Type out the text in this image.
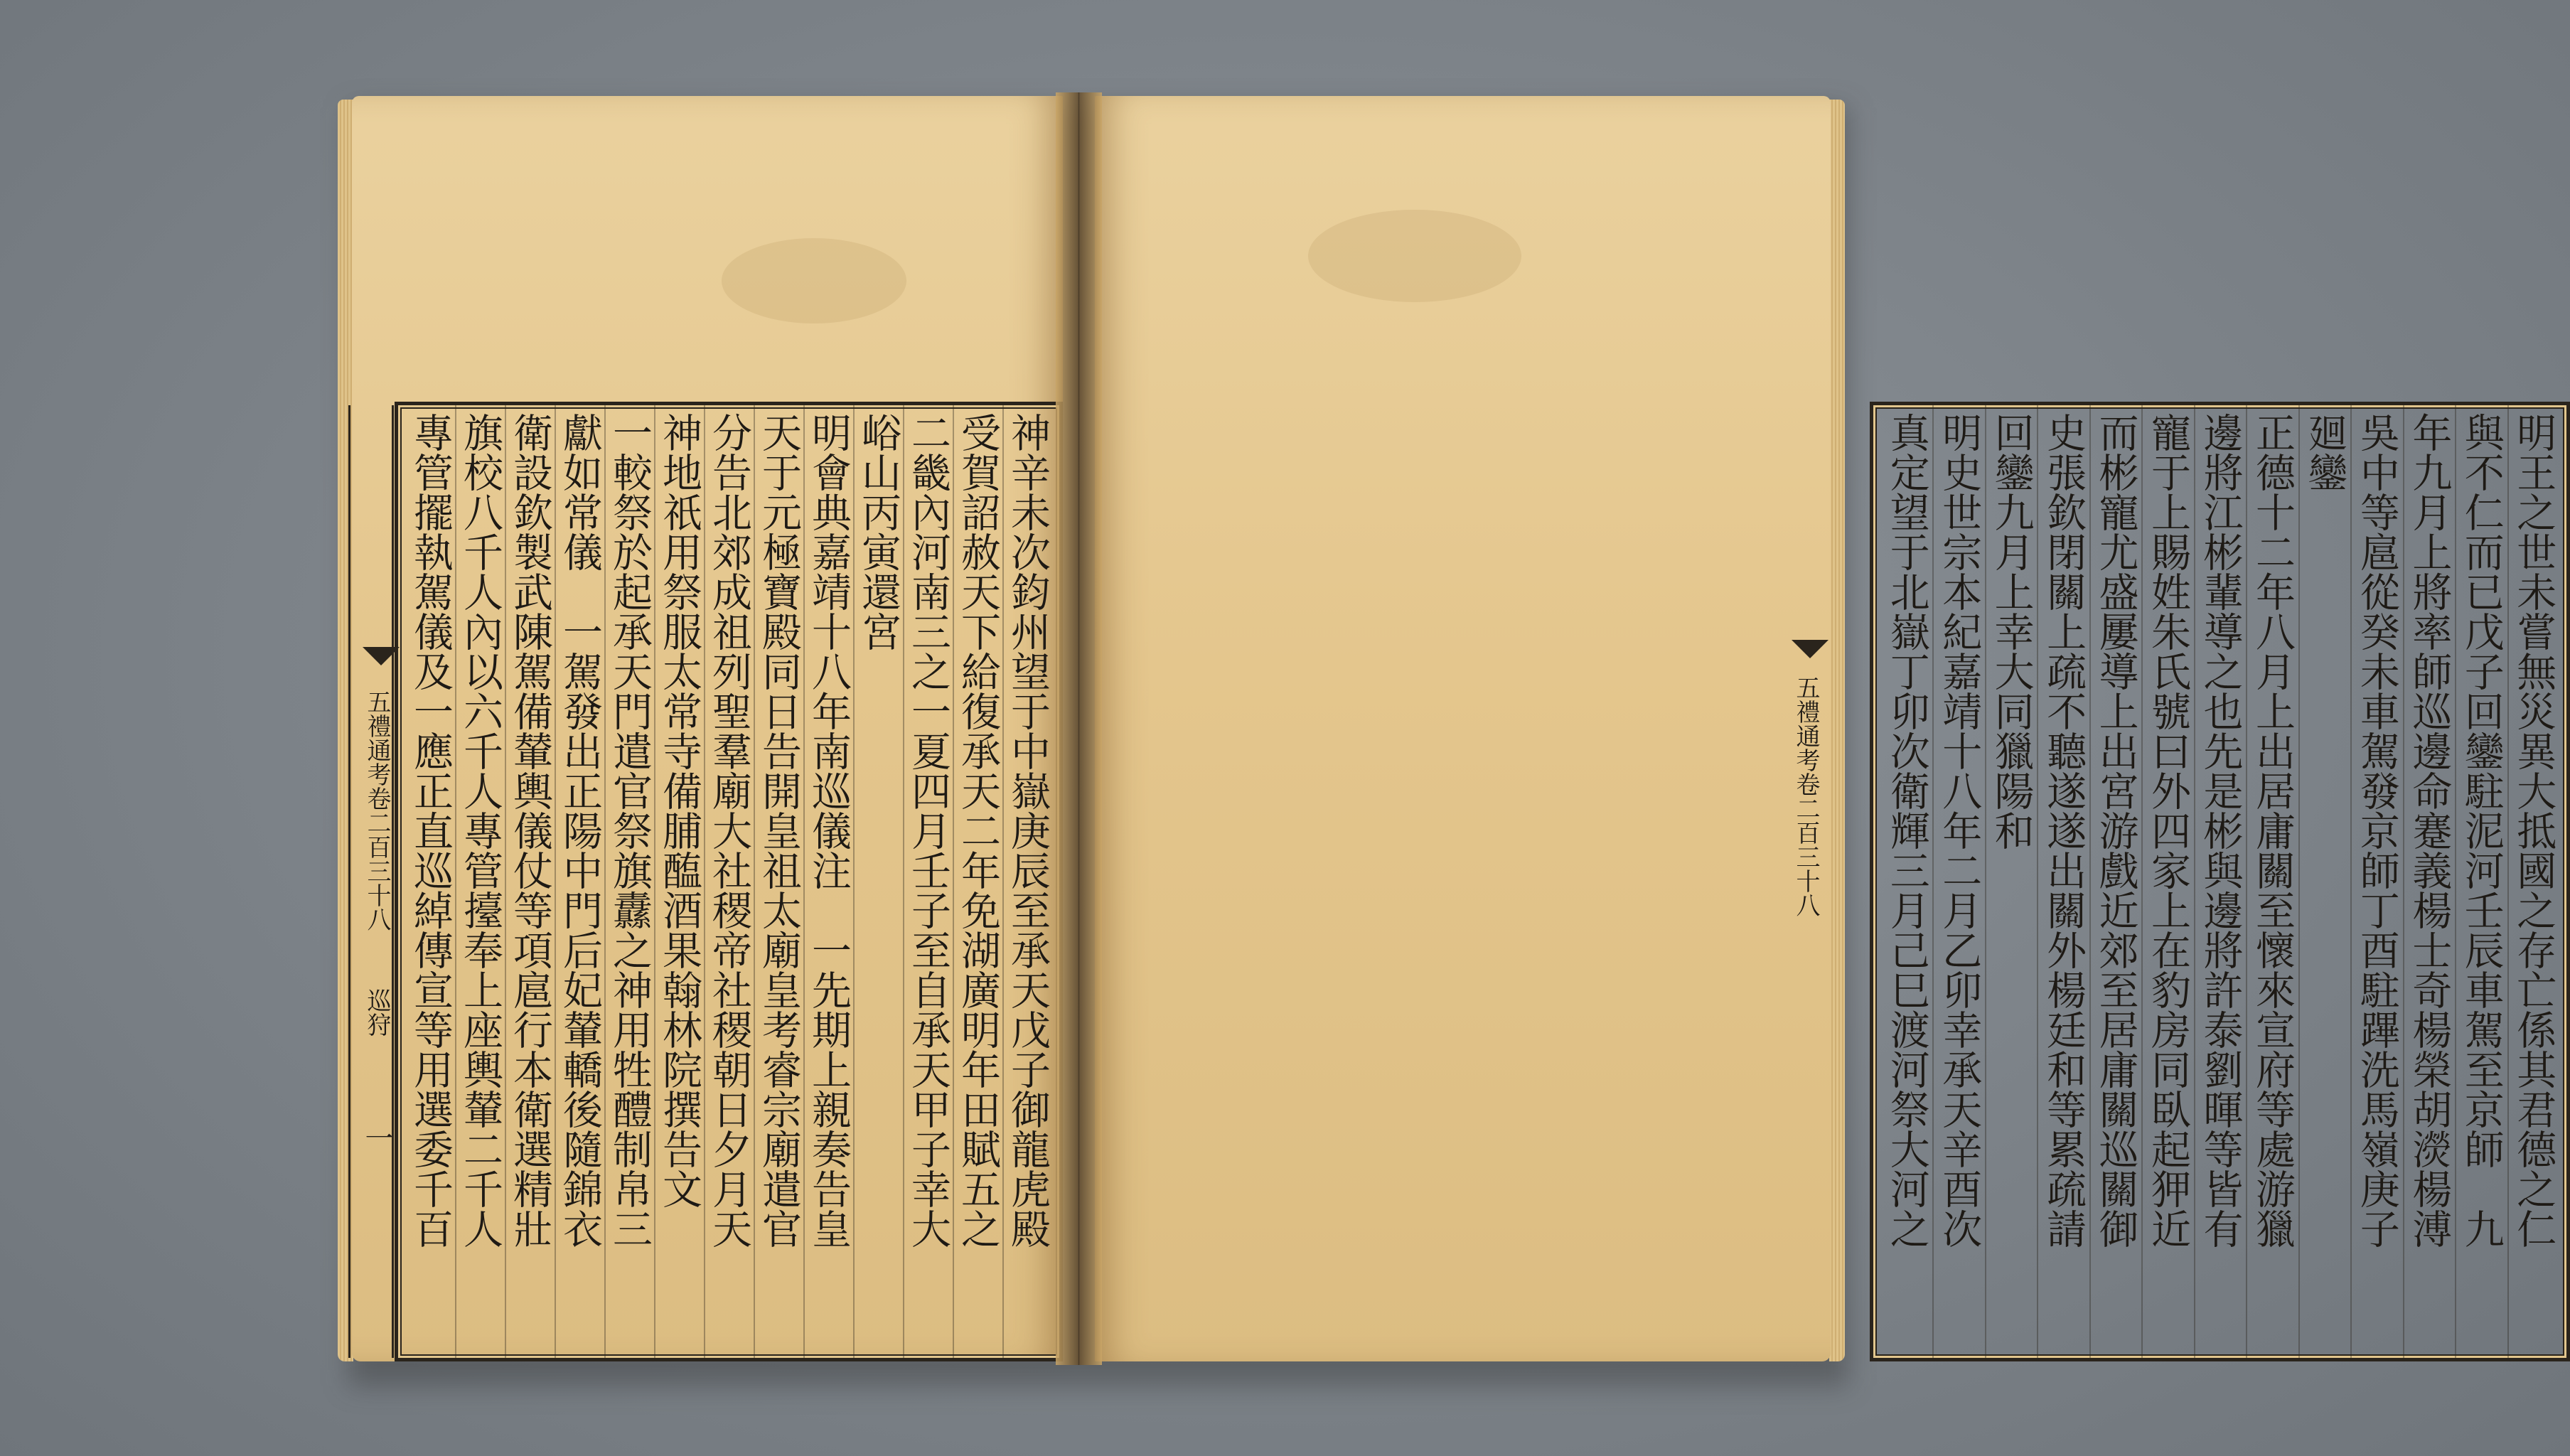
神辛未次鈞州望于中嶽庚辰至承天戊子御龍虎殿
受賀詔赦天下給復承天二年免湖廣明年田賦五之
二畿內河南三之一夏四月壬子至自承天甲子幸大
峪山丙寅還宮
明會典嘉靖十八年南巡儀注　一先期上親奏告皇
天于元極寶殿同日告開皇祖太廟皇考睿宗廟遣官
分告北郊成祖列聖羣廟大社稷帝社稷朝日夕月天
神地祇用祭服太常寺備脯醢酒果翰林院撰告文
一較祭於起承天門遣官祭旗纛之神用牲醴制帛三
獻如常儀　一駕發出正陽中門后妃輦轎後隨錦衣
衛設欽製武陳駕備輦輿儀仗等項扈行本衛選精壯
旗校八千人內以六千人專管擡奉上座輿輦二千人
專管擺執駕儀及一應正直巡綽傳宣等用選委千百	明王之世未嘗無災異大抵國之存亡係其君德之仁
與不仁而已戊子回鑾駐泥河壬辰車駕至京師　九
年九月上將率師巡邊命蹇義楊士奇楊榮胡濙楊溥
吳中等扈從癸未車駕發京師丁酉駐蹕洗馬嶺庚子
廻鑾
正德十二年八月上出居庸關至懷來宣府等處游獵
邊將江彬輩導之也先是彬與邊將許泰劉暉等皆有
寵于上賜姓朱氏號曰外四家上在豹房同臥起狎近
而彬寵尤盛屢導上出宮游戲近郊至居庸關巡關御
史張欽閉關上疏不聽遂遂出關外楊廷和等累疏請
回鑾九月上幸大同獵陽和
明史世宗本紀嘉靖十八年二月乙卯幸承天辛酉次
真定望于北嶽丁卯次衛輝三月己巳渡河祭大河之
五禮通考卷二百三十八
巡狩
一
五禮通考卷二百三十八
